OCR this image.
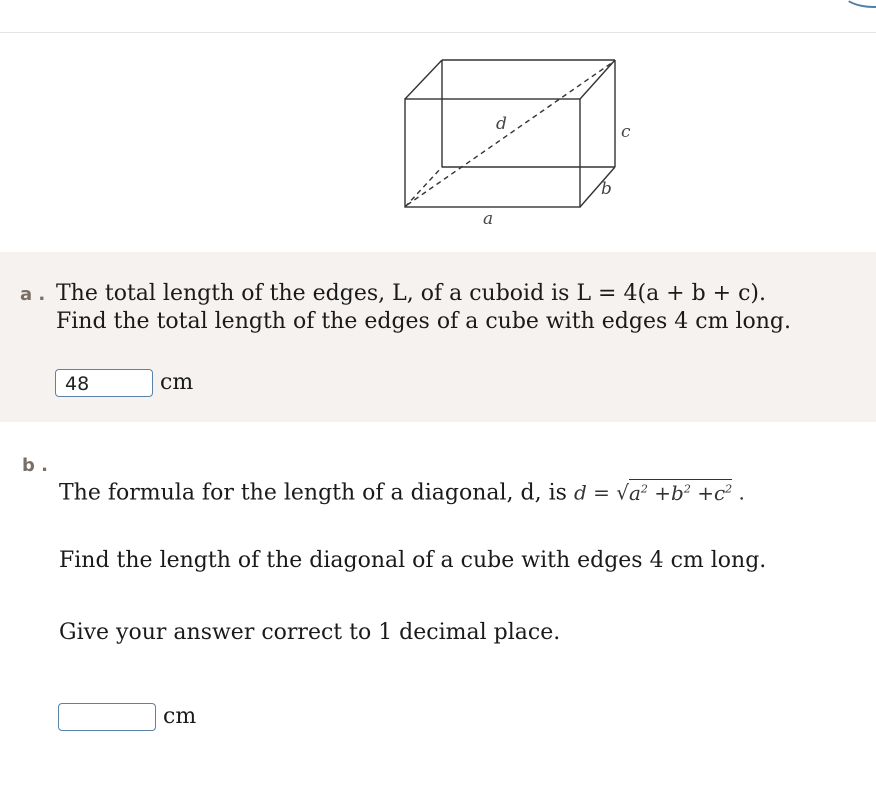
d	c
b
a
a . The total length of the edges, L, of a cuboid is L = 4(a + b + c).
Find the total length of the edges of a cube with edges 4 cm long.
48	cm
b .
The formula for the length of a diagonal, d, is $d = √a^2 +b^2 +c^2$ .
Find the length of the diagonal of a cube with edges 4 cm long.
Give your answer correct to 1 decimal place.
cm
